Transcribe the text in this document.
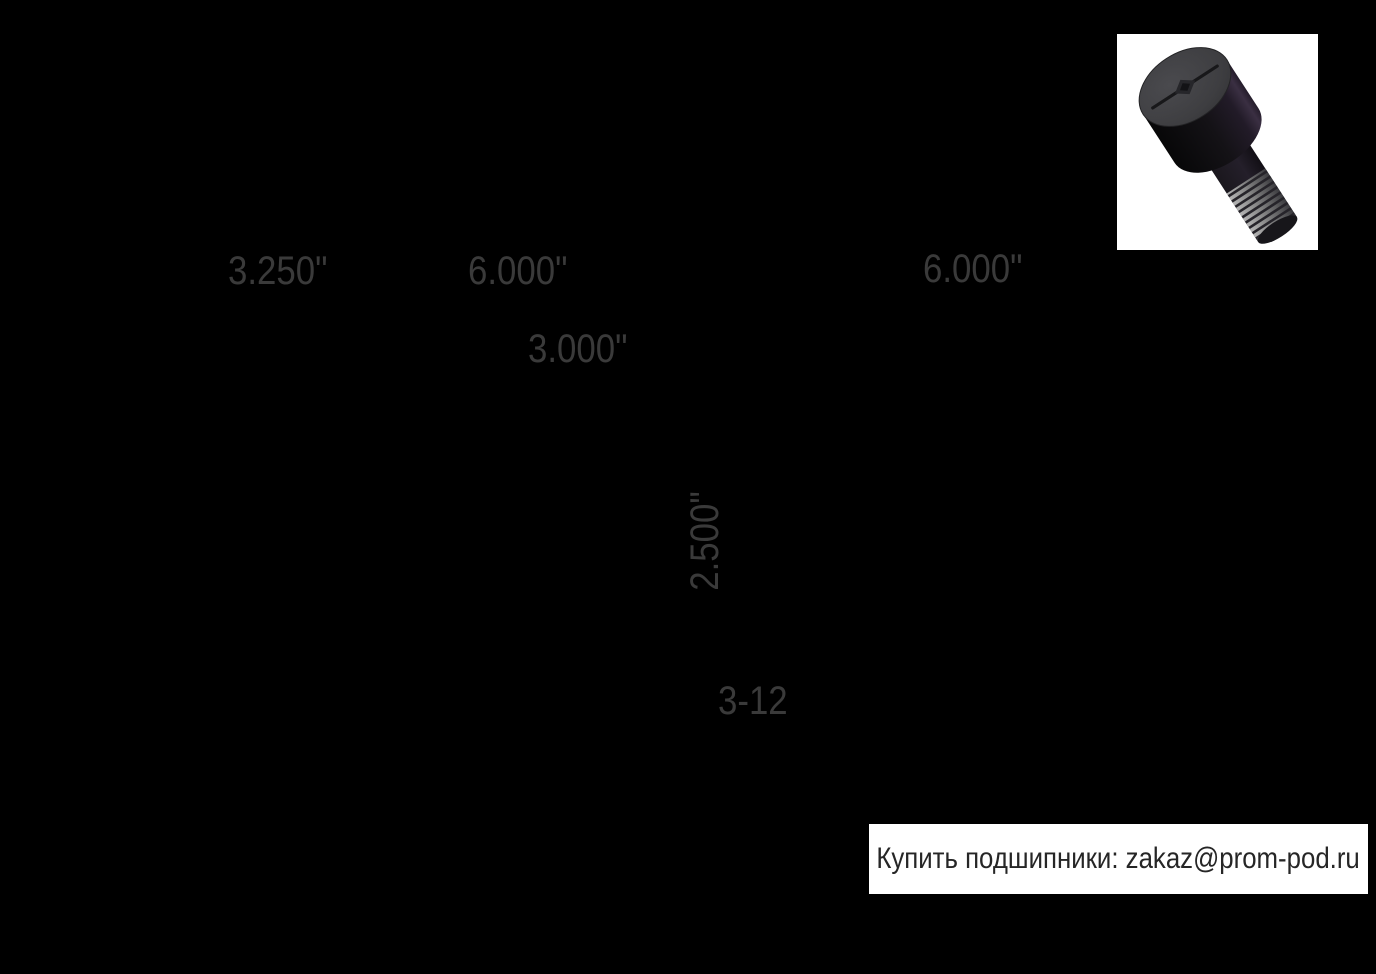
3.250"	6.000"	6.000"
3.000"
2.500"
3-12
Купить подшипники: zakaz@prom-pod.ru
